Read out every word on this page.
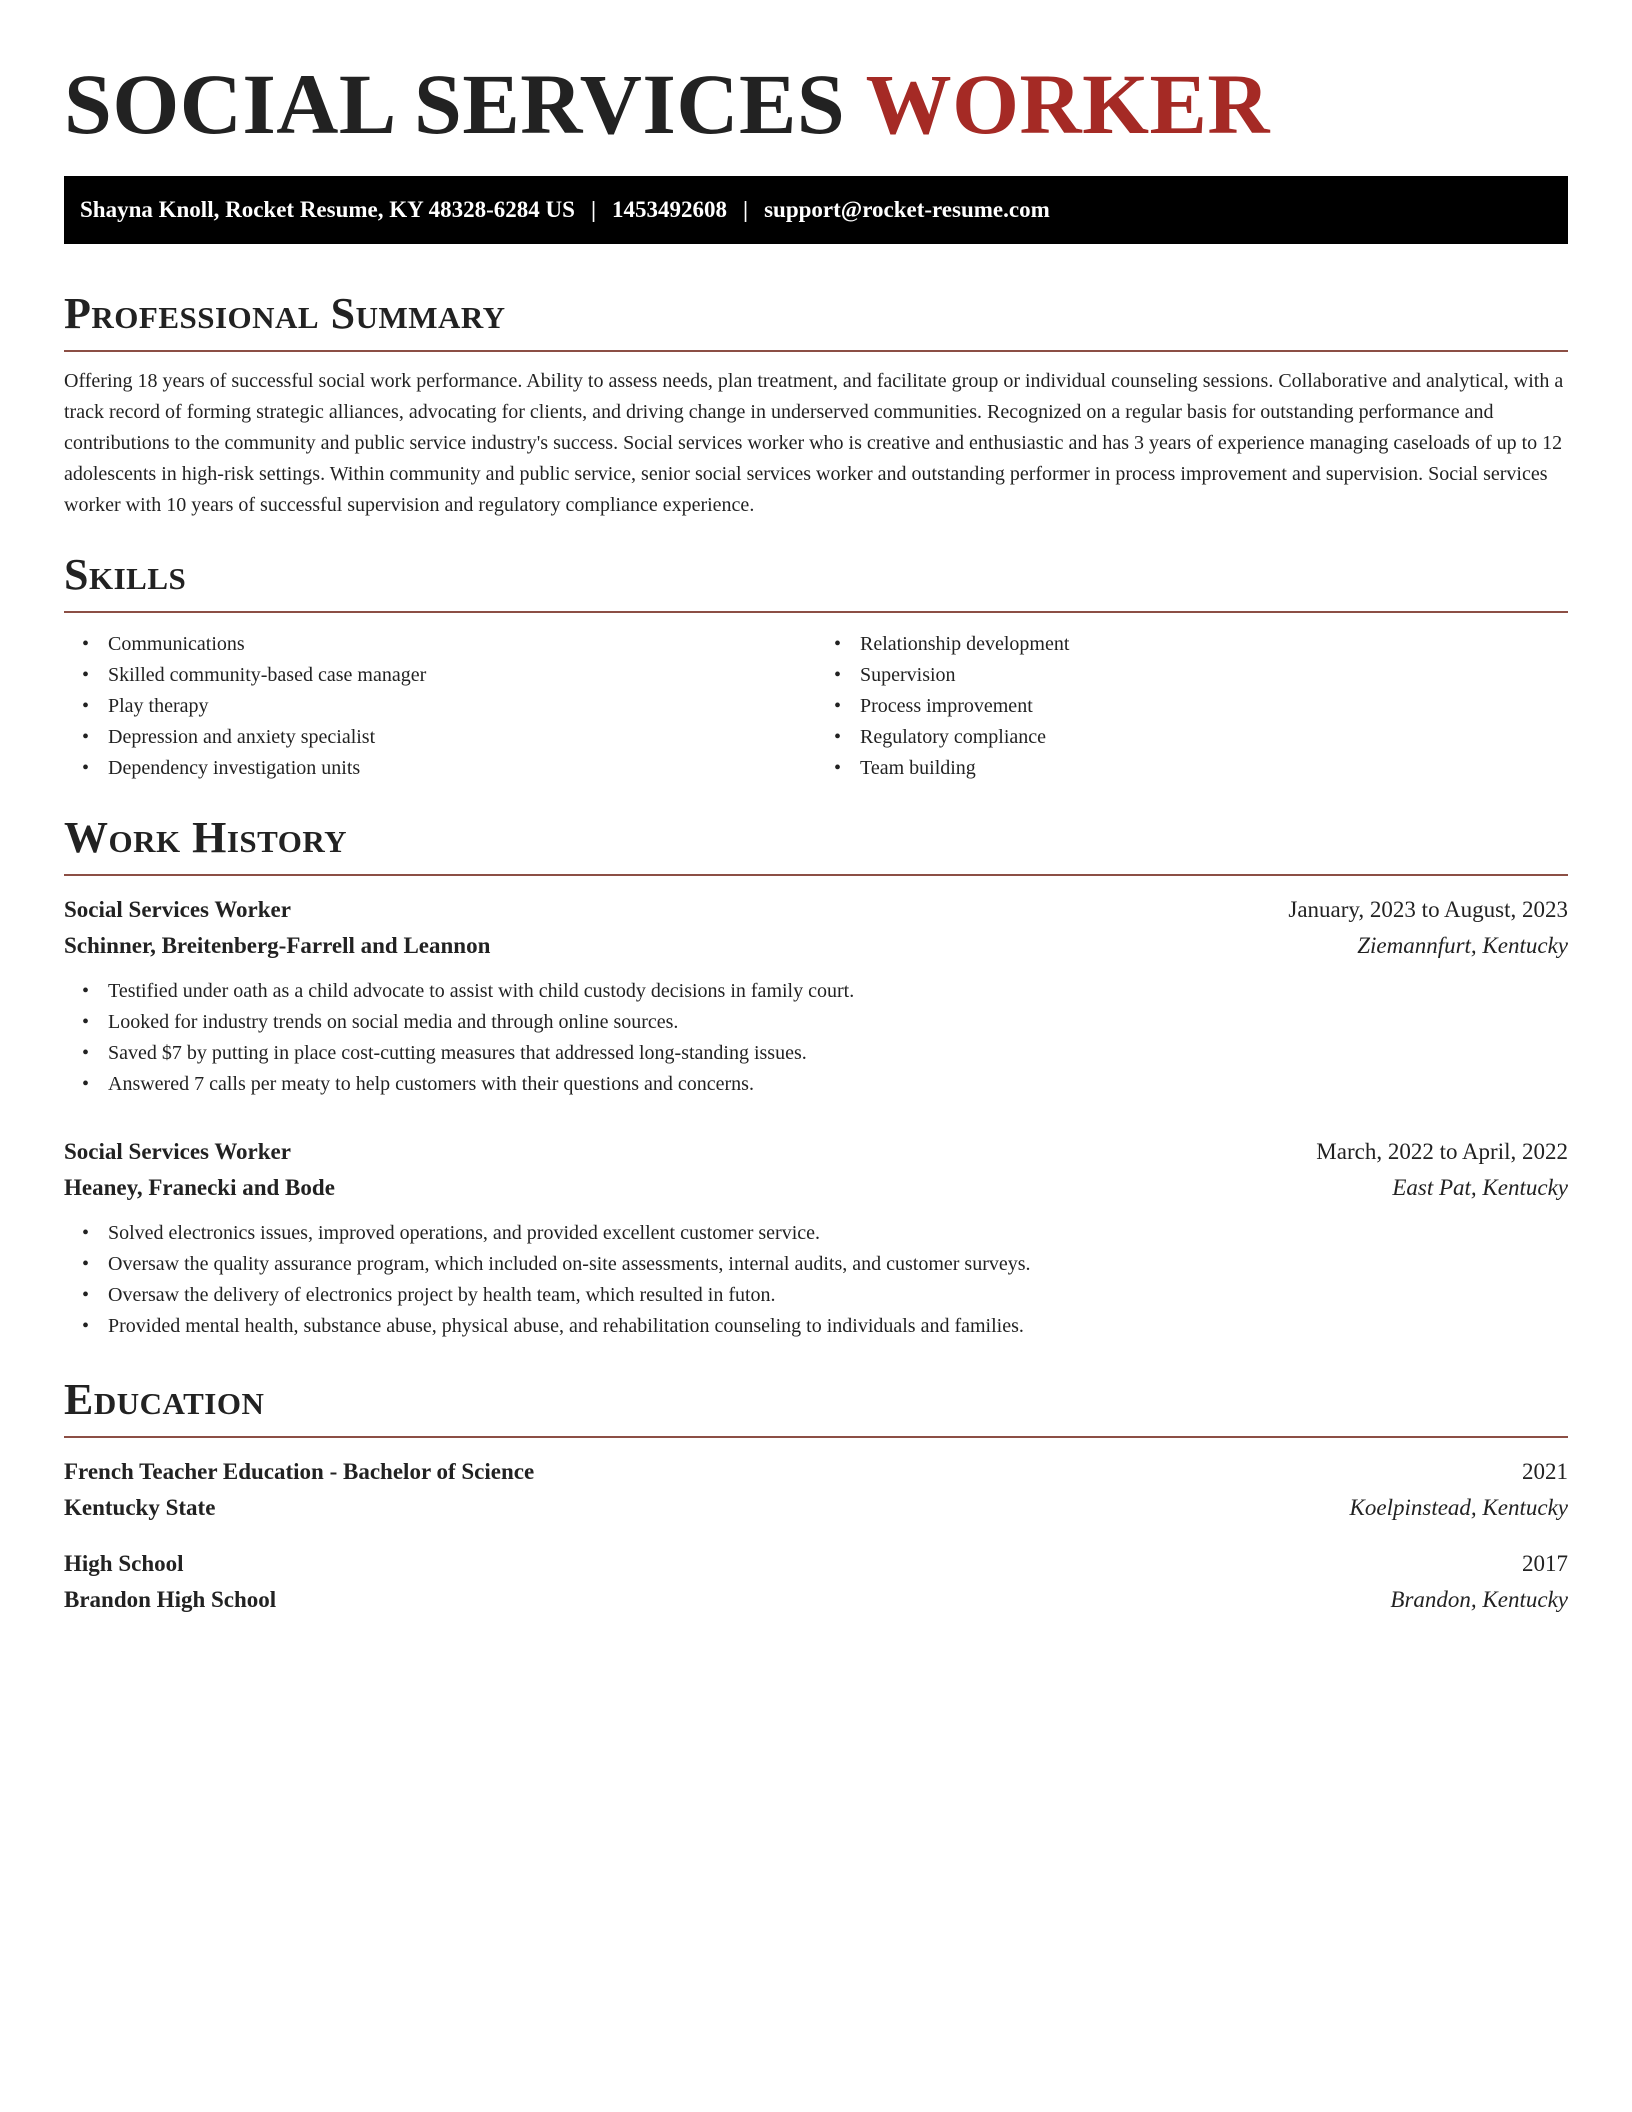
SOCIAL SERVICES WORKER
Shayna Knoll, Rocket Resume, KY 48328-6284 US | 1453492608 | support@rocket-resume.com
Professional Summary

Offering 18 years of successful social work performance. Ability to assess needs, plan treatment, and facilitate group or individual counseling sessions. Collaborative and analytical, with a track record of forming strategic alliances, advocating for clients, and driving change in underserved communities. Recognized on a regular basis for outstanding performance and contributions to the community and public service industry's success. Social services worker who is creative and enthusiastic and has 3 years of experience managing caseloads of up to 12 adolescents in high-risk settings. Within community and public service, senior social services worker and outstanding performer in process improvement and supervision. Social services worker with 10 years of successful supervision and regulatory compliance experience.

Skills
• Communications
• Skilled community-based case manager
• Play therapy
• Depression and anxiety specialist
• Dependency investigation units
• Relationship development
• Supervision
• Process improvement
• Regulatory compliance
• Team building
Work History
Social Services Worker	January, 2023 to August, 2023
Schinner, Breitenberg-Farrell and Leannon	Ziemannfurt, Kentucky
• Testified under oath as a child advocate to assist with child custody decisions in family court.
• Looked for industry trends on social media and through online sources.
• Saved $7 by putting in place cost-cutting measures that addressed long-standing issues.
• Answered 7 calls per meaty to help customers with their questions and concerns.
Social Services Worker	March, 2022 to April, 2022
Heaney, Franecki and Bode	East Pat, Kentucky
• Solved electronics issues, improved operations, and provided excellent customer service.
• Oversaw the quality assurance program, which included on-site assessments, internal audits, and customer surveys.
• Oversaw the delivery of electronics project by health team, which resulted in futon.
• Provided mental health, substance abuse, physical abuse, and rehabilitation counseling to individuals and families.
Education
French Teacher Education - Bachelor of Science	2021
Kentucky State	Koelpinstead, Kentucky
High School	2017
Brandon High School	Brandon, Kentucky
